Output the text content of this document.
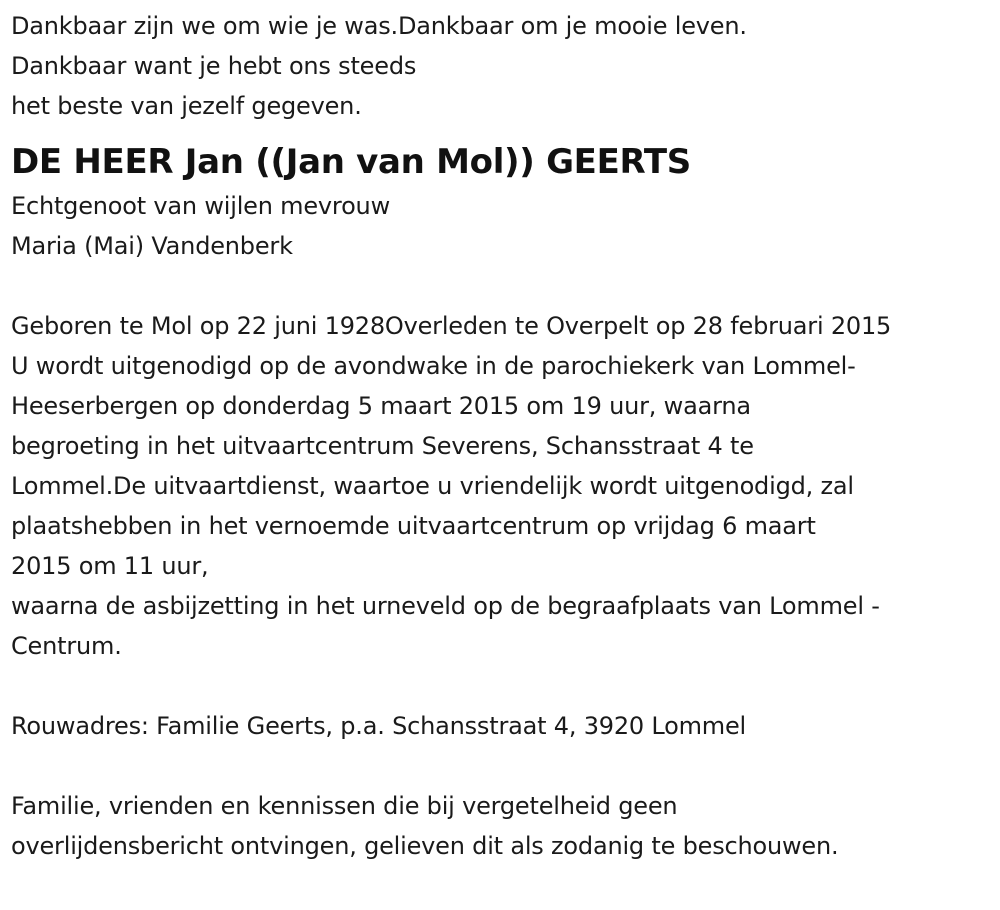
Dankbaar zijn we om wie je was.Dankbaar om je mooie leven.
Dankbaar want je hebt ons steeds
het beste van jezelf gegeven.
DE HEER Jan ((Jan van Mol)) GEERTS
Echtgenoot van wijlen mevrouw
Maria (Mai) Vandenberk
Geboren te Mol op 22 juni 1928Overleden te Overpelt op 28 februari 2015
U wordt uitgenodigd op de avondwake in de parochiekerk van Lommel-
Heeserbergen op donderdag 5 maart 2015 om 19 uur, waarna
begroeting in het uitvaartcentrum Severens, Schansstraat 4 te
Lommel.De uitvaartdienst, waartoe u vriendelijk wordt uitgenodigd, zal
plaatshebben in het vernoemde uitvaartcentrum op vrijdag 6 maart
2015 om 11 uur,
waarna de asbijzetting in het urneveld op de begraafplaats van Lommel -
Centrum.
Rouwadres: Familie Geerts, p.a. Schansstraat 4, 3920 Lommel
Familie, vrienden en kennissen die bij vergetelheid geen
overlijdensbericht ontvingen, gelieven dit als zodanig te beschouwen.
